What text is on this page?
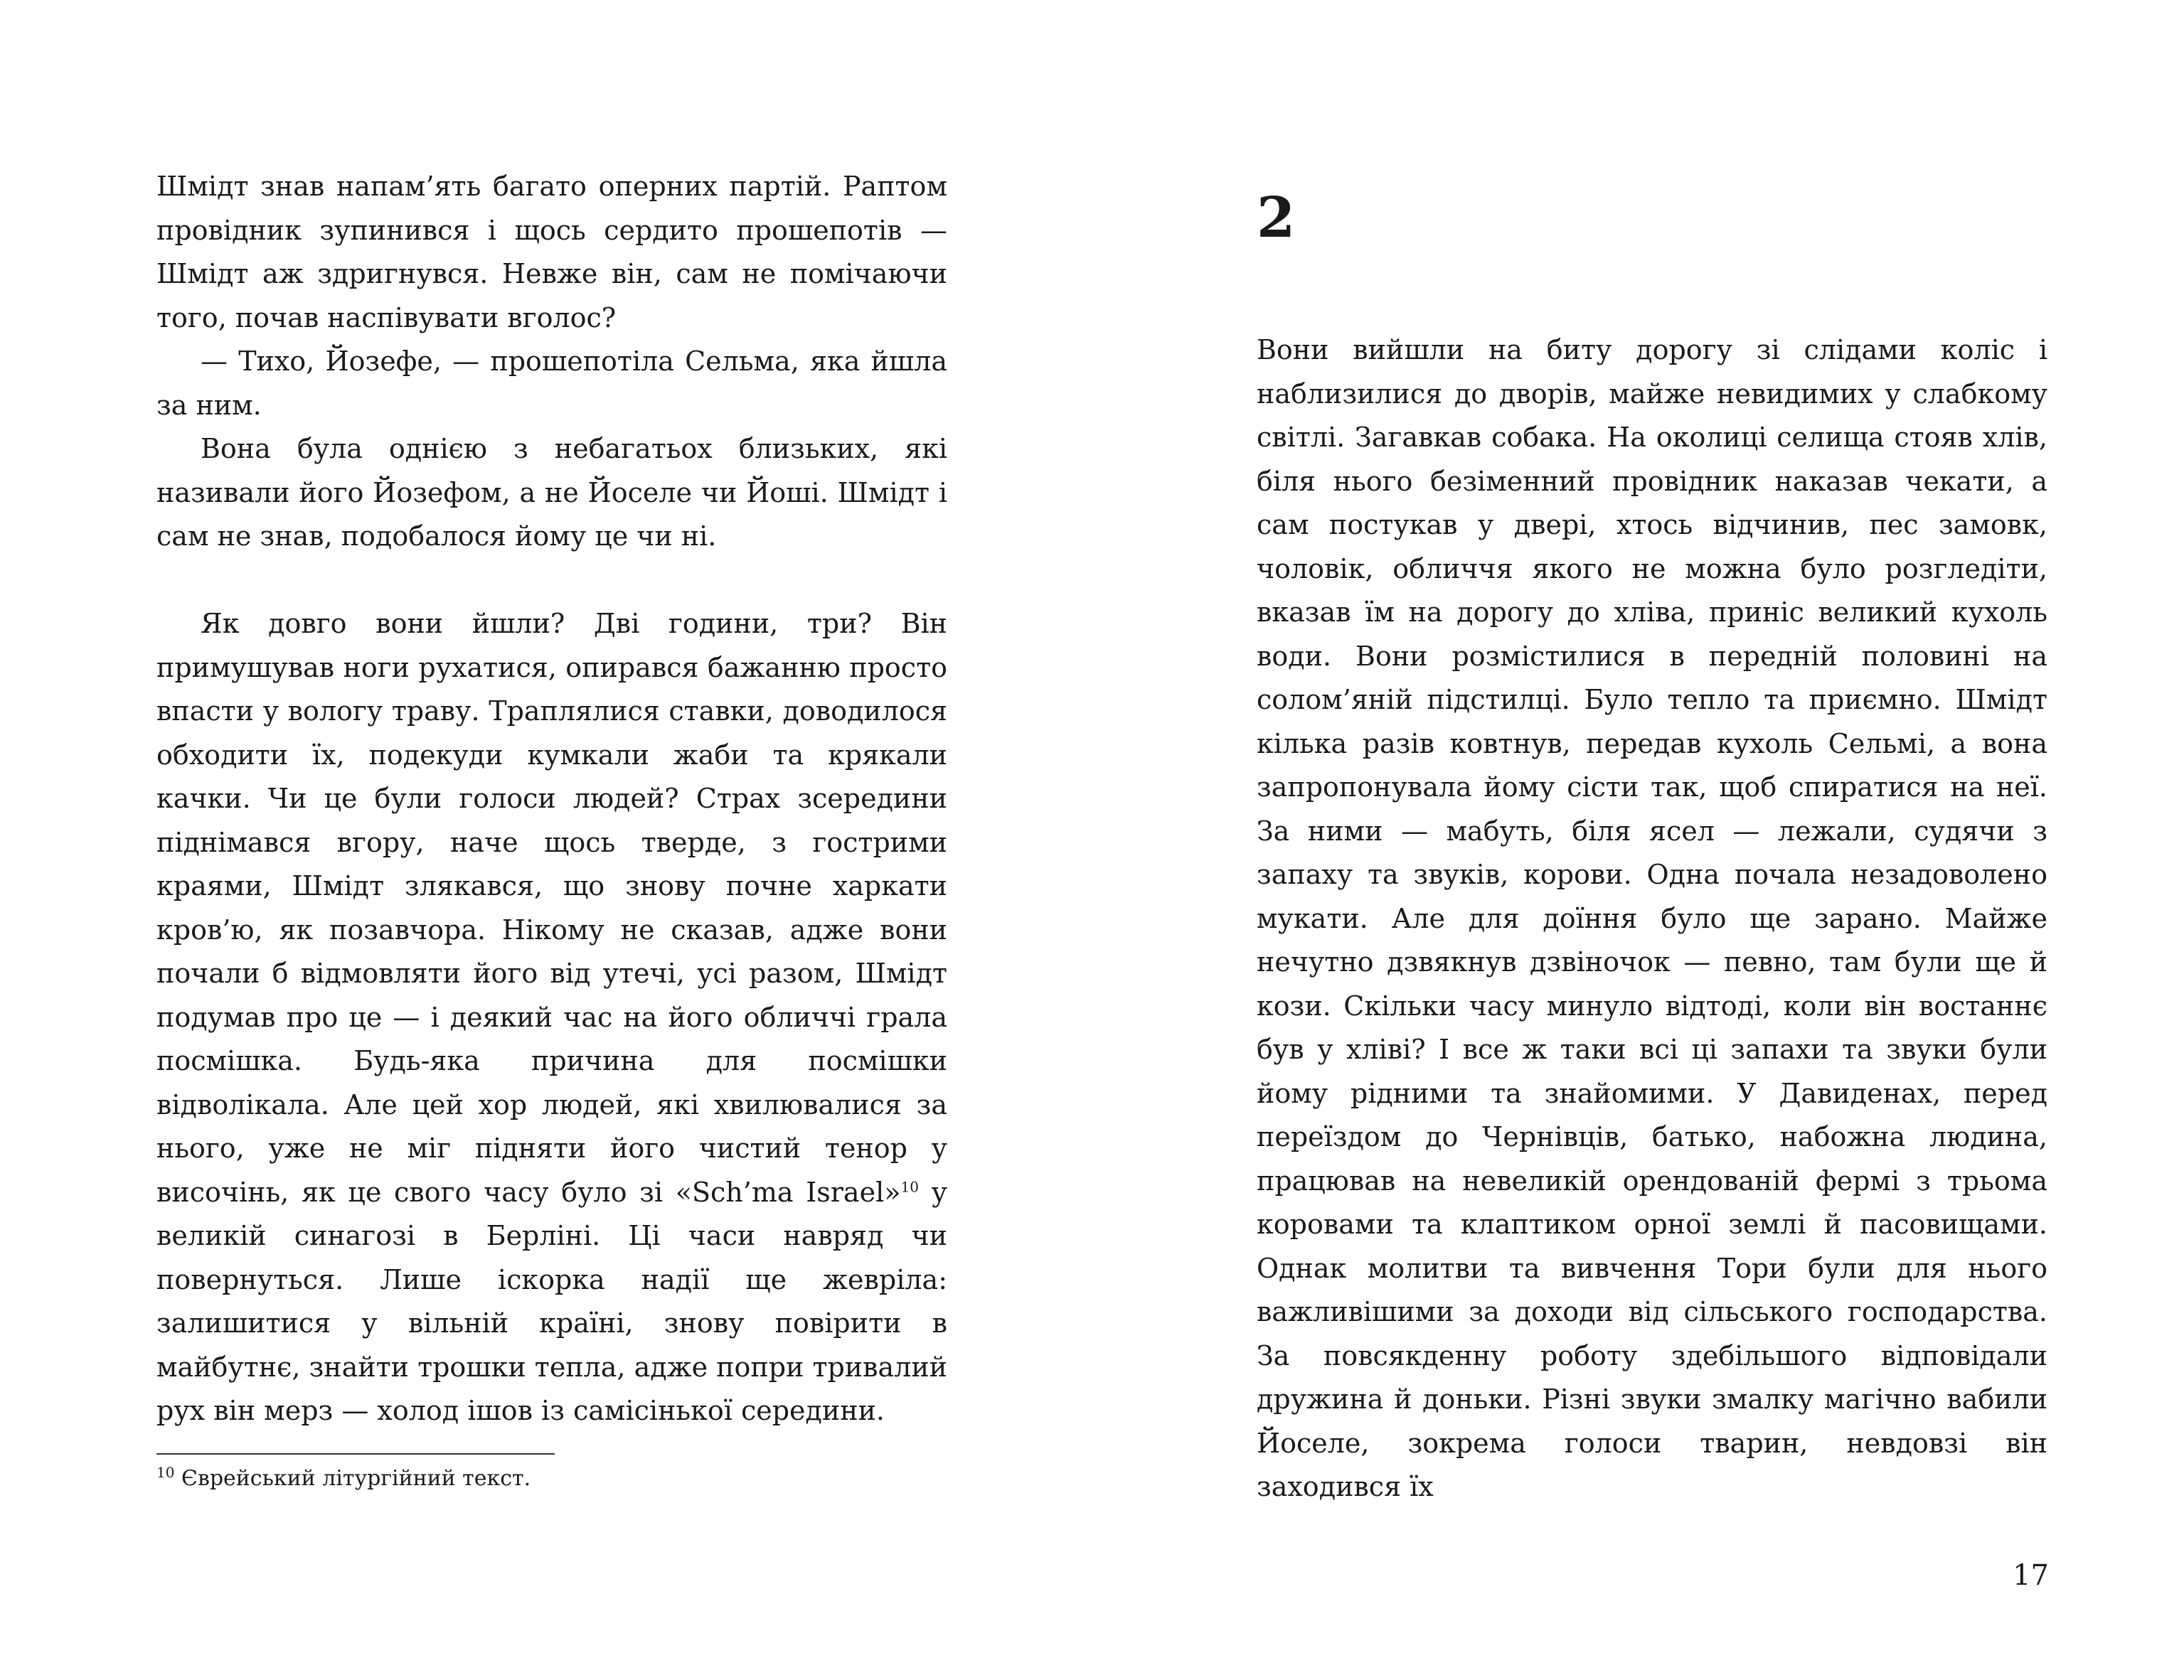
Шмідт знав напам’ять багато оперних партій. Раптом провідник зупинився і щось сердито прошепотів — Шмідт аж здригнувся. Невже він, сам не помічаючи того, почав наспівувати вголос?

— Тихо, Йозефе, — прошепотіла Сельма, яка йшла за ним.

Вона була однією з небагатьох близьких, які називали його Йозефом, а не Йоселе чи Йоші. Шмідт і сам не знав, подобалося йому це чи ні.

Як довго вони йшли? Дві години, три? Він примушував ноги рухатися, опирався бажанню просто впасти у вологу траву. Траплялися ставки, доводилося обходити їх, подекуди кумкали жаби та крякали качки. Чи це були голоси людей? Страх зсередини піднімався вгору, наче щось тверде, з гострими краями, Шмідт злякався, що знову почне харкати кров’ю, як позавчора. Нікому не сказав, адже вони почали б відмовляти його від утечі, усі разом, Шмідт подумав про це — і деякий час на його обличчі грала посмішка. Будь-яка причина для посмішки відволікала. Але цей хор людей, які хвилювалися за нього, уже не міг підняти його чистий тенор у височінь, як це свого часу було зі «Sch’ma Israel»$^{10}$ у великій синагозі в Берліні. Ці часи навряд чи повернуться. Лише іскорка надії ще жевріла: залишитися у вільній країні, знову повірити в майбутнє, знайти трошки тепла, адже попри тривалий рух він мерз — холод ішов із самісінької середини.

$^{10}$ Єврейський літургійний текст.
2

Вони вийшли на биту дорогу зі слідами коліс і наблизилися до дворів, майже невидимих у слабкому світлі. Загавкав собака. На околиці селища стояв хлів, біля нього безіменний провідник наказав чекати, а сам постукав у двері, хтось відчинив, пес замовк, чоловік, обличчя якого не можна було розгледіти, вказав їм на дорогу до хліва, приніс великий кухоль води. Вони розмістилися в передній половині на солом’яній підстилці. Було тепло та приємно. Шмідт кілька разів ковтнув, передав кухоль Сельмі, а вона запропонувала йому сісти так, щоб спиратися на неї. За ними — мабуть, біля ясел — лежали, судячи з запаху та звуків, корови. Одна почала незадоволено мукати. Але для доїння було ще зарано. Майже нечутно дзвякнув дзвіночок — певно, там були ще й кози. Скільки часу минуло відтоді, коли він востаннє був у хліві? І все ж таки всі ці запахи та звуки були йому рідними та знайомими. У Давиденах, перед переїздом до Чернівців, батько, набожна людина, працював на невеликій орендованій фермі з трьома коровами та клаптиком орної землі й пасовищами. Однак молитви та вивчення Тори були для нього важливішими за доходи від сільського господарства. За повсякденну роботу здебільшого відповідали дружина й доньки. Різні звуки змалку магічно вабили Йоселе, зокрема голоси тварин, невдовзі він заходився їх

17
